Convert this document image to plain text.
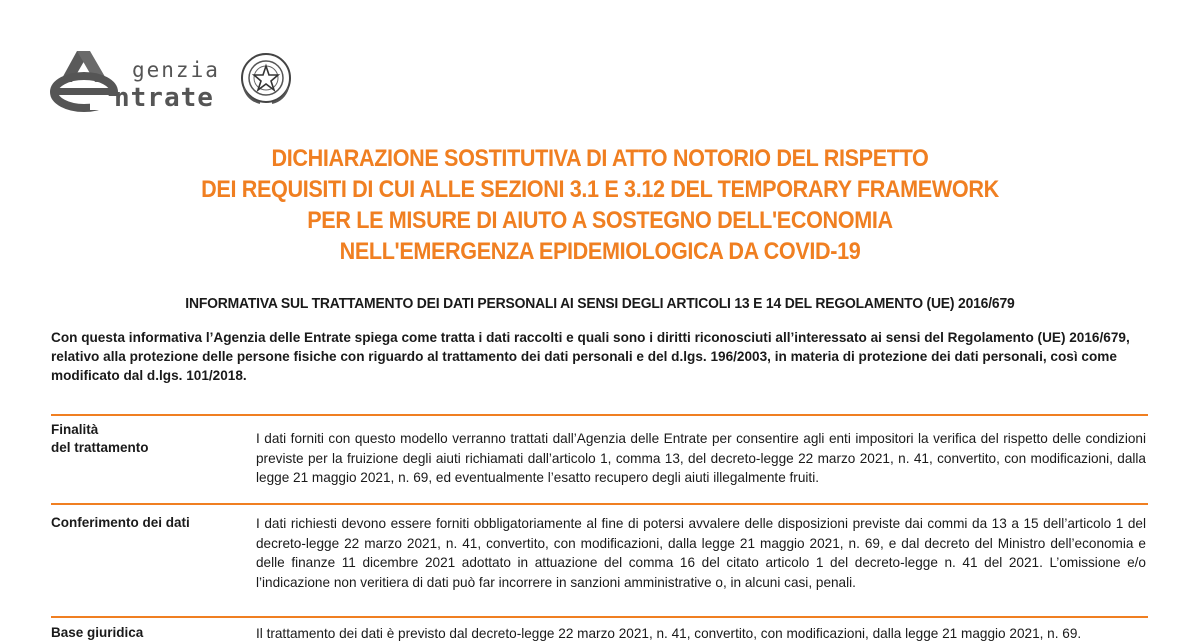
genzia
ntrate
DICHIARAZIONE SOSTITUTIVA DI ATTO NOTORIO DEL RISPETTO
DEI REQUISITI DI CUI ALLE SEZIONI 3.1 E 3.12 DEL TEMPORARY FRAMEWORK
PER LE MISURE DI AIUTO A SOSTEGNO DELL'ECONOMIA
NELL'EMERGENZA EPIDEMIOLOGICA DA COVID-19
INFORMATIVA SUL TRATTAMENTO DEI DATI PERSONALI AI SENSI DEGLI ARTICOLI 13 E 14 DEL REGOLAMENTO (UE) 2016/679
Con questa informativa l’Agenzia delle Entrate spiega come tratta i dati raccolti e quali sono i diritti riconosciuti all’interessato ai sensi del Regolamento (UE) 2016/679, relativo alla protezione delle persone fisiche con riguardo al trattamento dei dati personali e del d.lgs. 196/2003, in materia di protezione dei dati personali, così come modificato dal d.lgs. 101/2018.
Finalità
del trattamento
I dati forniti con questo modello verranno trattati dall’Agenzia delle Entrate per consentire agli enti impositori la verifica del rispetto delle condizioni previste per la fruizione degli aiuti richiamati dall’articolo 1, comma 13, del decreto-legge 22 marzo 2021, n. 41, convertito, con modificazioni, dalla legge 21 maggio 2021, n. 69, ed eventualmente l’esatto recupero degli aiuti illegalmente fruiti.
Conferimento dei dati	I dati richiesti devono essere forniti obbligatoriamente al fine di potersi avvalere delle disposizioni previste dai commi da 13 a 15 dell’articolo 1 del decreto-legge 22 marzo 2021, n. 41, convertito, con modificazioni, dalla legge 21 maggio 2021, n. 69, e dal decreto del Ministro dell’economia e delle finanze 11 dicembre 2021 adottato in attuazione del comma 16 del citato articolo 1 del decreto-legge n. 41 del 2021. L’omissione e/o l’indicazione non veritiera di dati può far incorrere in sanzioni amministrative o, in alcuni casi, penali.
Base giuridica	Il trattamento dei dati è previsto dal decreto-legge 22 marzo 2021, n. 41, convertito, con modificazioni, dalla legge 21 maggio 2021, n. 69.
